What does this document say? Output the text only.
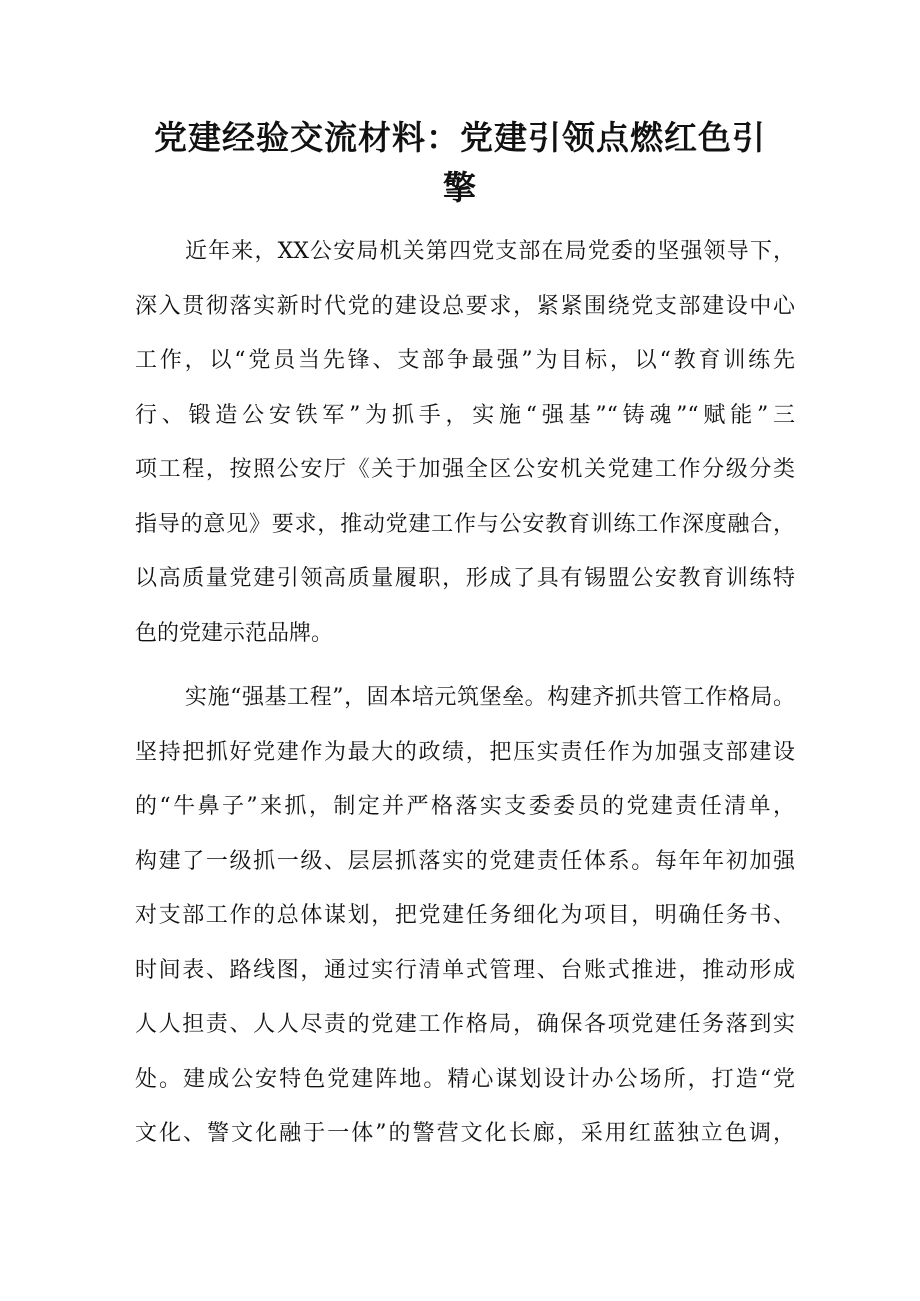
党建经验交流材料：党建引领点燃红色引
擎
近年来，XX公安局机关第四党支部在局党委的坚强领导下，
深入贯彻落实新时代党的建设总要求，紧紧围绕党支部建设中心
工作，以“党员当先锋、支部争最强”为目标，以“教育训练先
行、锻造公安铁军”为抓手，实施“强基”“铸魂”“赋能”三
项工程，按照公安厅《关于加强全区公安机关党建工作分级分类
指导的意见》要求，推动党建工作与公安教育训练工作深度融合，
以高质量党建引领高质量履职，形成了具有锡盟公安教育训练特
色的党建示范品牌。
实施“强基工程”，固本培元筑堡垒。构建齐抓共管工作格局。
坚持把抓好党建作为最大的政绩，把压实责任作为加强支部建设
的“牛鼻子”来抓，制定并严格落实支委委员的党建责任清单，
构建了一级抓一级、层层抓落实的党建责任体系。每年年初加强
对支部工作的总体谋划，把党建任务细化为项目，明确任务书、
时间表、路线图，通过实行清单式管理、台账式推进，推动形成
人人担责、人人尽责的党建工作格局，确保各项党建任务落到实
处。建成公安特色党建阵地。精心谋划设计办公场所，打造“党
文化、警文化融于一体”的警营文化长廊，采用红蓝独立色调，
